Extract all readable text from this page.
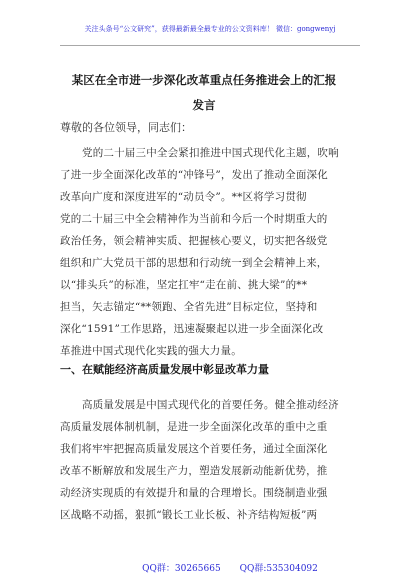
关注头条号“公文研究”，获得最新最全最专业的公文资料库！ 微信：gongwenyj
某区在全市进一步深化改革重点任务推进会上的汇报
发言
尊敬的各位领导，同志们：
党的二十届三中全会紧扣推进中国式现代化主题，吹响
了进一步全面深化改革的“冲锋号”，发出了推动全面深化
改革向广度和深度进军的“动员令”。**区将学习贯彻
党的二十届三中全会精神作为当前和今后一个时期重大的
政治任务，领会精神实质、把握核心要义，切实把各级党
组织和广大党员干部的思想和行动统一到全会精神上来，
以“排头兵”的标准，坚定扛牢“走在前、挑大梁”的**
担当，矢志锚定“**领跑、全省先进”目标定位，坚持和
深化“1591”工作思路，迅速凝聚起以进一步全面深化改
革推进中国式现代化实践的强大力量。
一、在赋能经济高质量发展中彰显改革力量
高质量发展是中国式现代化的首要任务。健全推动经济
高质量发展体制机制，是进一步全面深化改革的重中之重
我们将牢牢把握高质量发展这个首要任务，通过全面深化
改革不断解放和发展生产力，塑造发展新动能新优势，推
动经济实现质的有效提升和量的合理增长。围绕制造业强
区战略不动摇，狠抓“锻长工业长板、补齐结构短板”两
QQ群：30265665 QQ群:535304092
